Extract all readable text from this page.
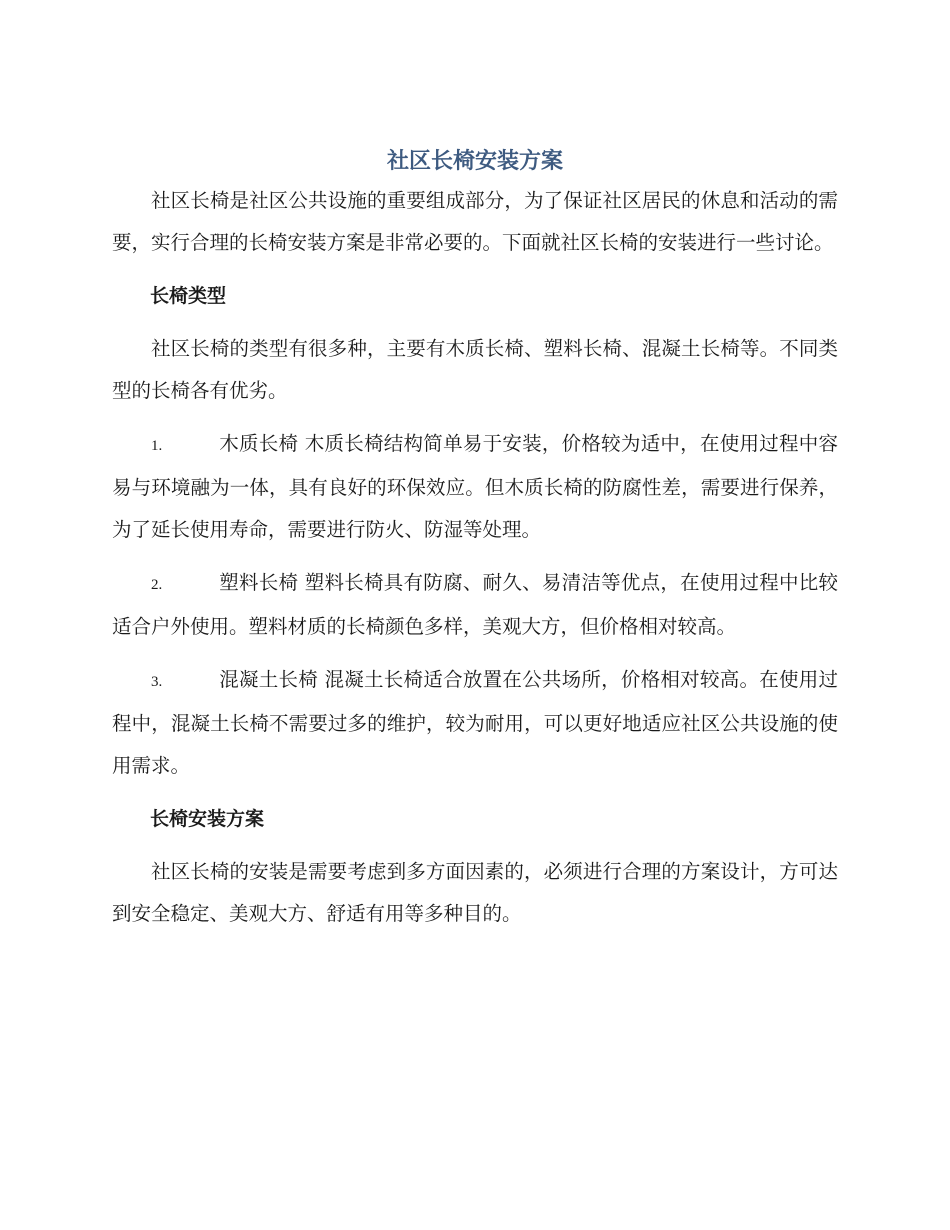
社区长椅安装方案

社区长椅是社区公共设施的重要组成部分，为了保证社区居民的休息和活动的需要，实行合理的长椅安装方案是非常必要的。下面就社区长椅的安装进行一些讨论。

长椅类型

社区长椅的类型有很多种，主要有木质长椅、塑料长椅、混凝土长椅等。不同类型的长椅各有优劣。

1.	木质长椅 木质长椅结构简单易于安装，价格较为适中，在使用过程中容易与环境融为一体，具有良好的环保效应。但木质长椅的防腐性差，需要进行保养，为了延长使用寿命，需要进行防火、防湿等处理。

2.	塑料长椅 塑料长椅具有防腐、耐久、易清洁等优点，在使用过程中比较适合户外使用。塑料材质的长椅颜色多样，美观大方，但价格相对较高。

3.	混凝土长椅 混凝土长椅适合放置在公共场所，价格相对较高。在使用过程中，混凝土长椅不需要过多的维护，较为耐用，可以更好地适应社区公共设施的使用需求。

长椅安装方案

社区长椅的安装是需要考虑到多方面因素的，必须进行合理的方案设计，方可达到安全稳定、美观大方、舒适有用等多种目的。
